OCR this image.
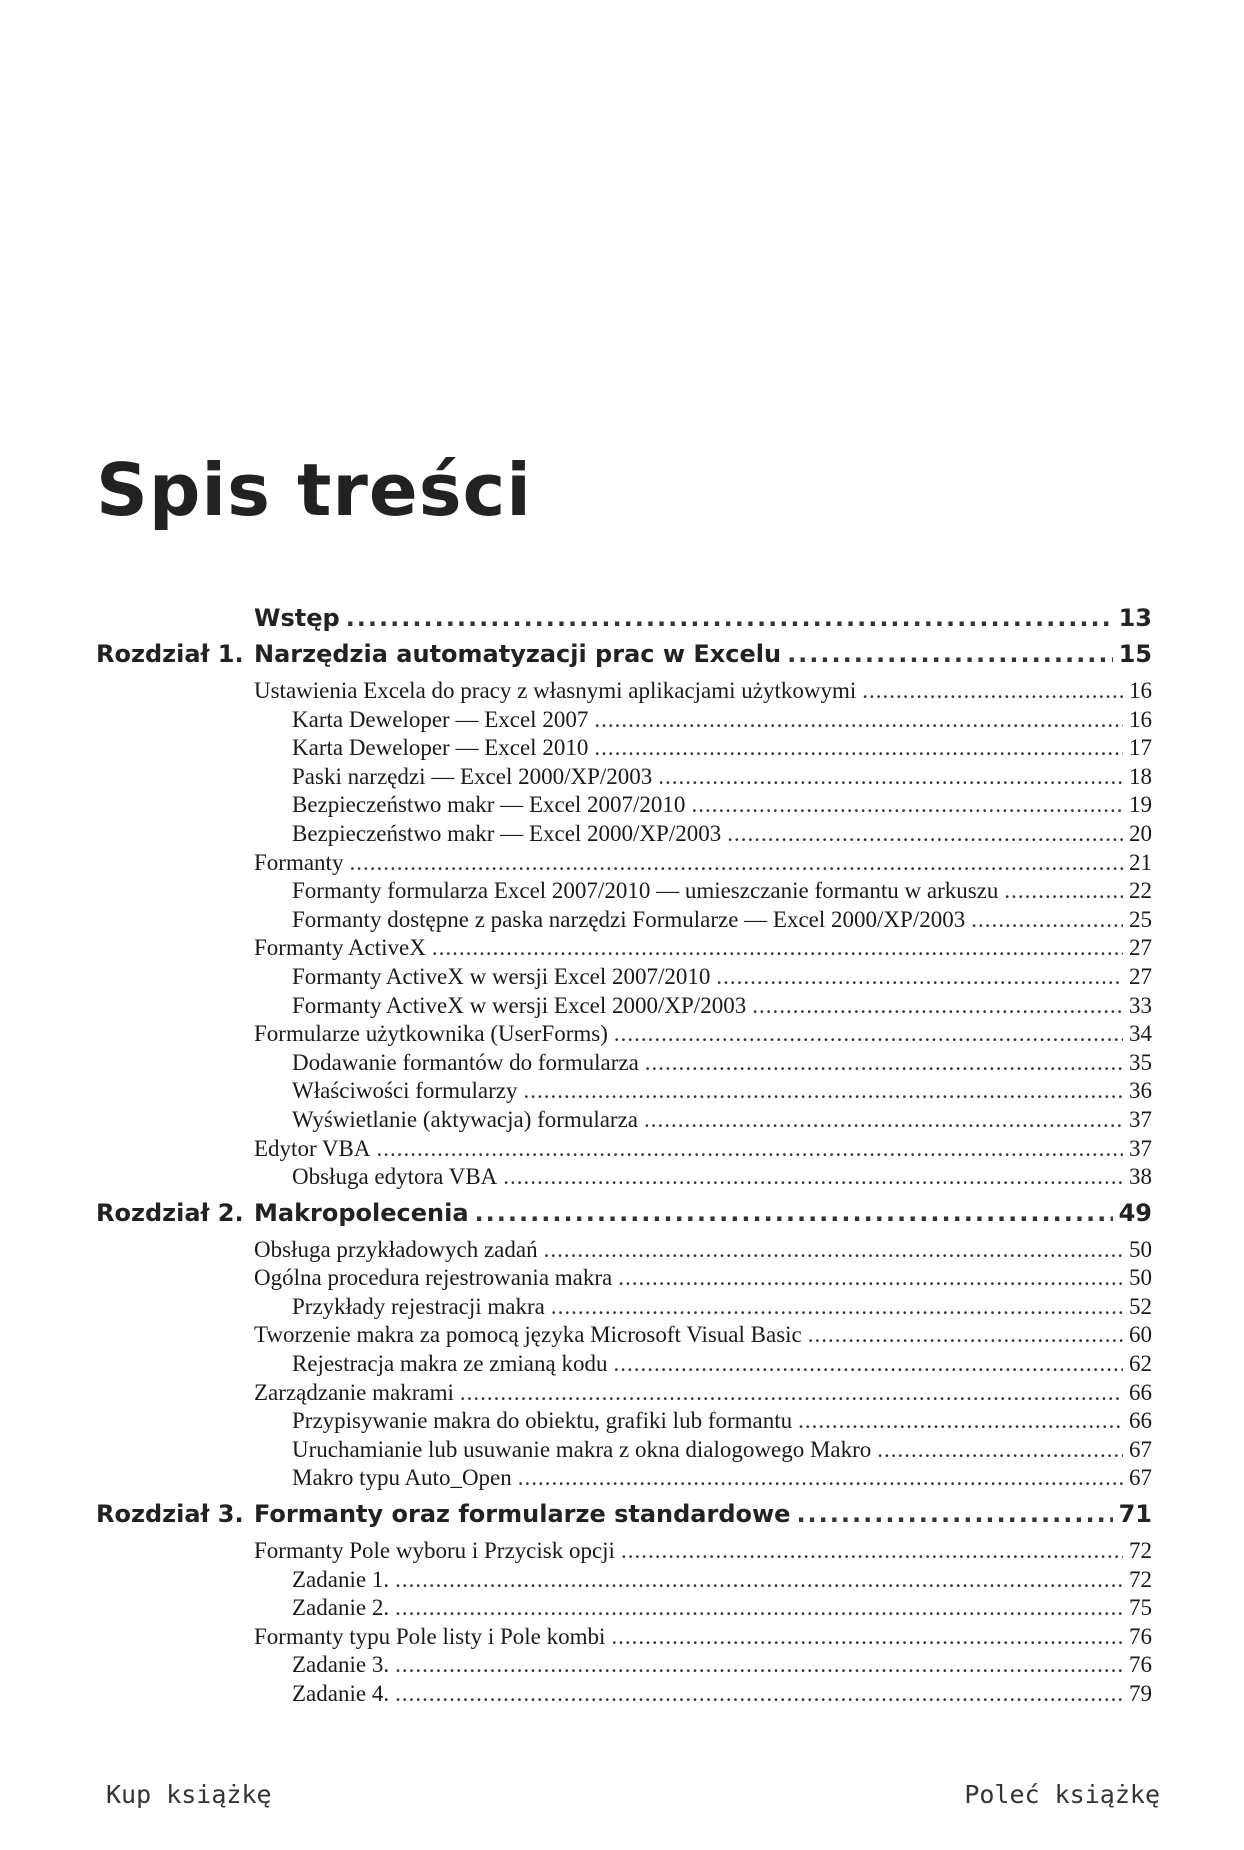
Spis treści
Wstęp .....	13
Rozdział 1. Narzędzia automatyzacji prac w Excelu .....	15
Ustawienia Excela do pracy z własnymi aplikacjami użytkowymi .....	16
Karta Deweloper — Excel 2007 .....	16
Karta Deweloper — Excel 2010 .....	17
Paski narzędzi — Excel 2000/XP/2003 .....	18
Bezpieczeństwo makr — Excel 2007/2010 .....	19
Bezpieczeństwo makr — Excel 2000/XP/2003 .....	20
Formanty .....	21
Formanty formularza Excel 2007/2010 — umieszczanie formantu w arkuszu .....	22
Formanty dostępne z paska narzędzi Formularze — Excel 2000/XP/2003 .....	25
Formanty ActiveX .....	27
Formanty ActiveX w wersji Excel 2007/2010 .....	27
Formanty ActiveX w wersji Excel 2000/XP/2003 .....	33
Formularze użytkownika (UserForms) .....	34
Dodawanie formantów do formularza .....	35
Właściwości formularzy .....	36
Wyświetlanie (aktywacja) formularza .....	37
Edytor VBA .....	37
Obsługa edytora VBA .....	38
Rozdział 2. Makropolecenia .....	49
Obsługa przykładowych zadań .....	50
Ogólna procedura rejestrowania makra .....	50
Przykłady rejestracji makra .....	52
Tworzenie makra za pomocą języka Microsoft Visual Basic .....	60
Rejestracja makra ze zmianą kodu .....	62
Zarządzanie makrami .....	66
Przypisywanie makra do obiektu, grafiki lub formantu .....	66
Uruchamianie lub usuwanie makra z okna dialogowego Makro .....	67
Makro typu Auto_Open .....	67
Rozdział 3. Formanty oraz formularze standardowe .....	71
Formanty Pole wyboru i Przycisk opcji .....	72
Zadanie 1. .....	72
Zadanie 2. .....	75
Formanty typu Pole listy i Pole kombi .....	76
Zadanie 3. .....	76
Zadanie 4. .....	79
Kup książkę	Poleć książkę
